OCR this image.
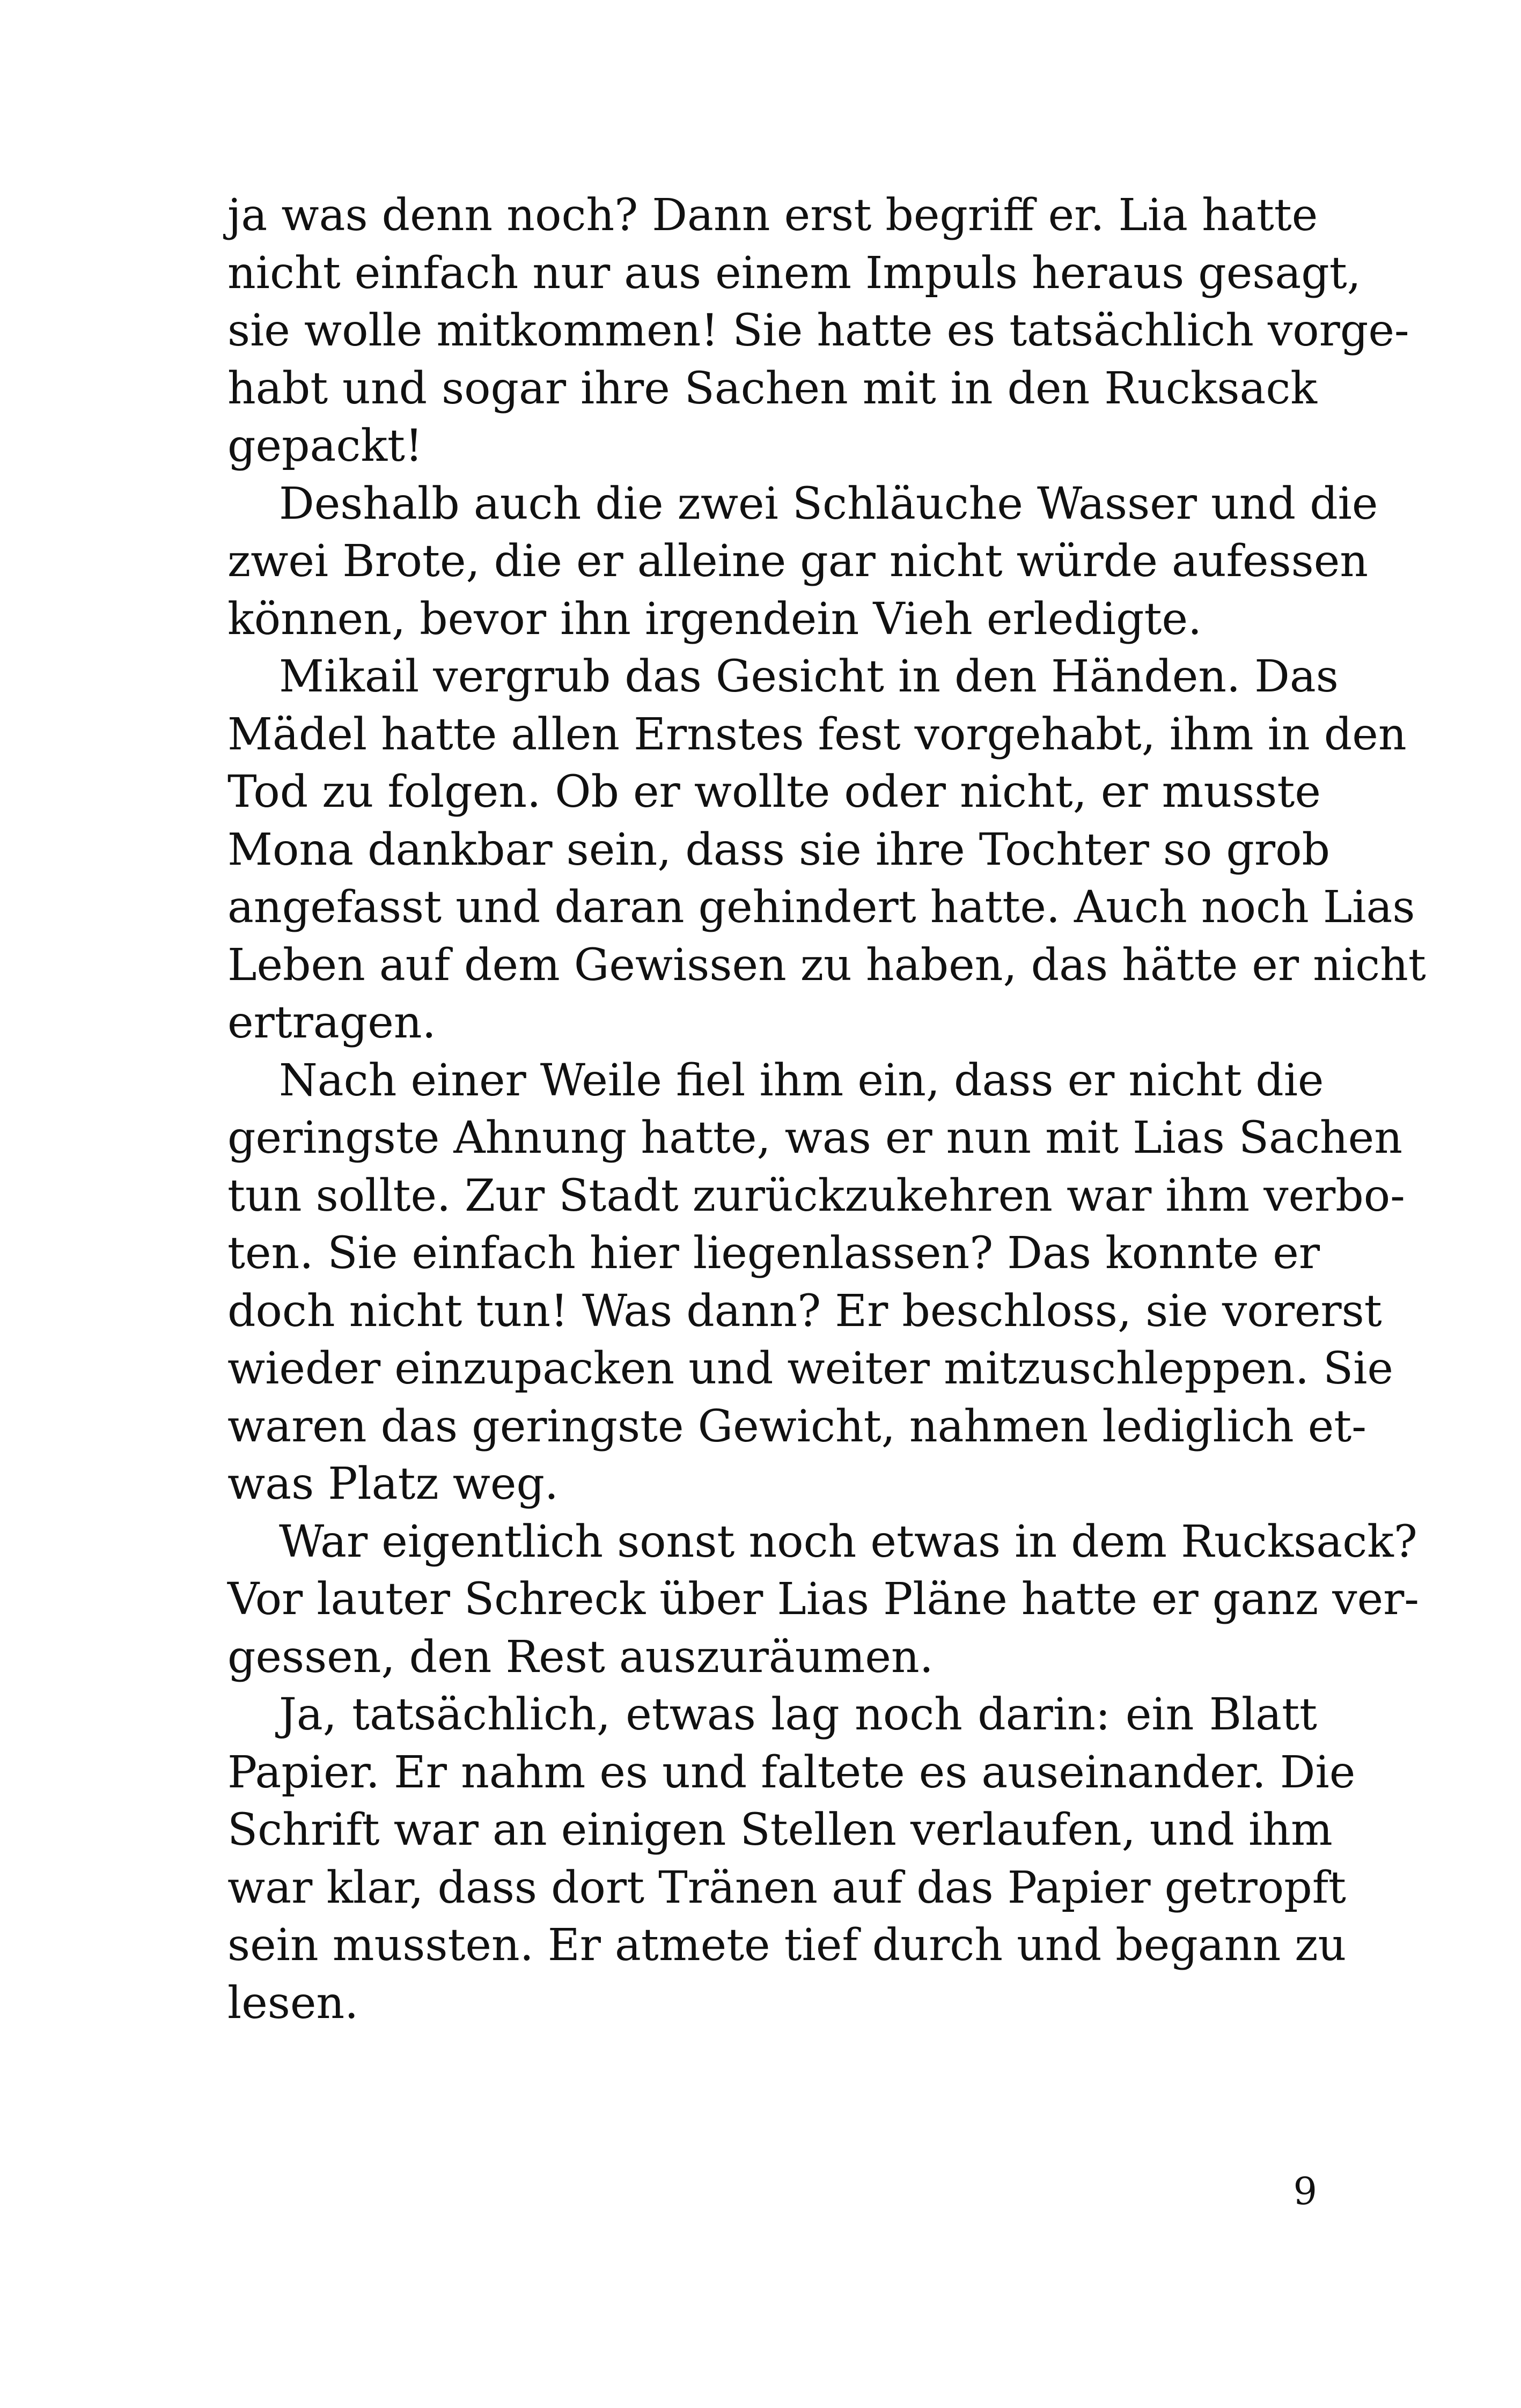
ja was denn noch? Dann erst begriff er. Lia hatte
nicht einfach nur aus einem Impuls heraus gesagt,
sie wolle mitkommen! Sie hatte es tatsächlich vorge-
habt und sogar ihre Sachen mit in den Rucksack
gepackt!
Deshalb auch die zwei Schläuche Wasser und die
zwei Brote, die er alleine gar nicht würde aufessen
können, bevor ihn irgendein Vieh erledigte.
Mikail vergrub das Gesicht in den Händen. Das
Mädel hatte allen Ernstes fest vorgehabt, ihm in den
Tod zu folgen. Ob er wollte oder nicht, er musste
Mona dankbar sein, dass sie ihre Tochter so grob
angefasst und daran gehindert hatte. Auch noch Lias
Leben auf dem Gewissen zu haben, das hätte er nicht
ertragen.
Nach einer Weile fiel ihm ein, dass er nicht die
geringste Ahnung hatte, was er nun mit Lias Sachen
tun sollte. Zur Stadt zurückzukehren war ihm verbo-
ten. Sie einfach hier liegenlassen? Das konnte er
doch nicht tun! Was dann? Er beschloss, sie vorerst
wieder einzupacken und weiter mitzuschleppen. Sie
waren das geringste Gewicht, nahmen lediglich et-
was Platz weg.
War eigentlich sonst noch etwas in dem Rucksack?
Vor lauter Schreck über Lias Pläne hatte er ganz ver-
gessen, den Rest auszuräumen.
Ja, tatsächlich, etwas lag noch darin: ein Blatt
Papier. Er nahm es und faltete es auseinander. Die
Schrift war an einigen Stellen verlaufen, und ihm
war klar, dass dort Tränen auf das Papier getropft
sein mussten. Er atmete tief durch und begann zu
lesen.
9
